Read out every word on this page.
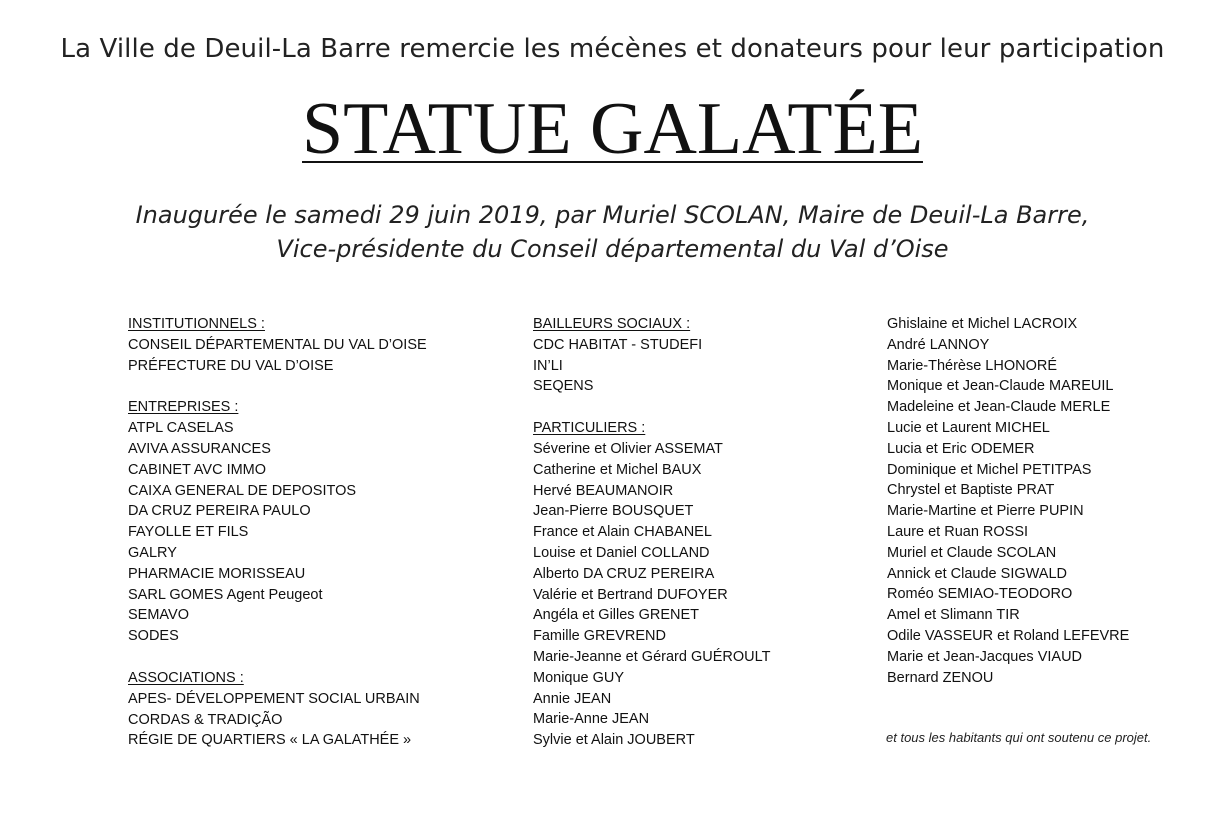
La Ville de Deuil-La Barre remercie les mécènes et donateurs pour leur participation
STATUE GALATÉE
Inaugurée le samedi 29 juin 2019, par Muriel SCOLAN, Maire de Deuil-La Barre,
Vice-présidente du Conseil départemental du Val d’Oise
INSTITUTIONNELS :
CONSEIL DÉPARTEMENTAL DU VAL D’OISE
PRÉFECTURE DU VAL D’OISE
ENTREPRISES :
ATPL CASELAS
AVIVA ASSURANCES
CABINET AVC IMMO
CAIXA GENERAL DE DEPOSITOS
DA CRUZ PEREIRA PAULO
FAYOLLE ET FILS
GALRY
PHARMACIE MORISSEAU
SARL GOMES Agent Peugeot
SEMAVO
SODES
ASSOCIATIONS :
APES- DÉVELOPPEMENT SOCIAL URBAIN
CORDAS & TRADIÇÃO
RÉGIE DE QUARTIERS « LA GALATHÉE »
BAILLEURS SOCIAUX :
CDC HABITAT - STUDEFI
IN’LI
SEQENS
PARTICULIERS :
Séverine et Olivier ASSEMAT
Catherine et Michel BAUX
Hervé BEAUMANOIR
Jean-Pierre BOUSQUET
France et Alain CHABANEL
Louise et Daniel COLLAND
Alberto DA CRUZ PEREIRA
Valérie et Bertrand DUFOYER
Angéla et Gilles GRENET
Famille GREVREND
Marie-Jeanne et Gérard GUÉROULT
Monique GUY
Annie JEAN
Marie-Anne JEAN
Sylvie et Alain JOUBERT
Ghislaine et Michel LACROIX
André LANNOY
Marie-Thérèse LHONORÉ
Monique et Jean-Claude MAREUIL
Madeleine et Jean-Claude MERLE
Lucie et Laurent MICHEL
Lucia et Eric ODEMER
Dominique et Michel PETITPAS
Chrystel et Baptiste PRAT
Marie-Martine et Pierre PUPIN
Laure et Ruan ROSSI
Muriel et Claude SCOLAN
Annick et Claude SIGWALD
Roméo SEMIAO-TEODORO
Amel et Slimann TIR
Odile VASSEUR et Roland LEFEVRE
Marie et Jean-Jacques VIAUD
Bernard ZENOU
et tous les habitants qui ont soutenu ce projet.
